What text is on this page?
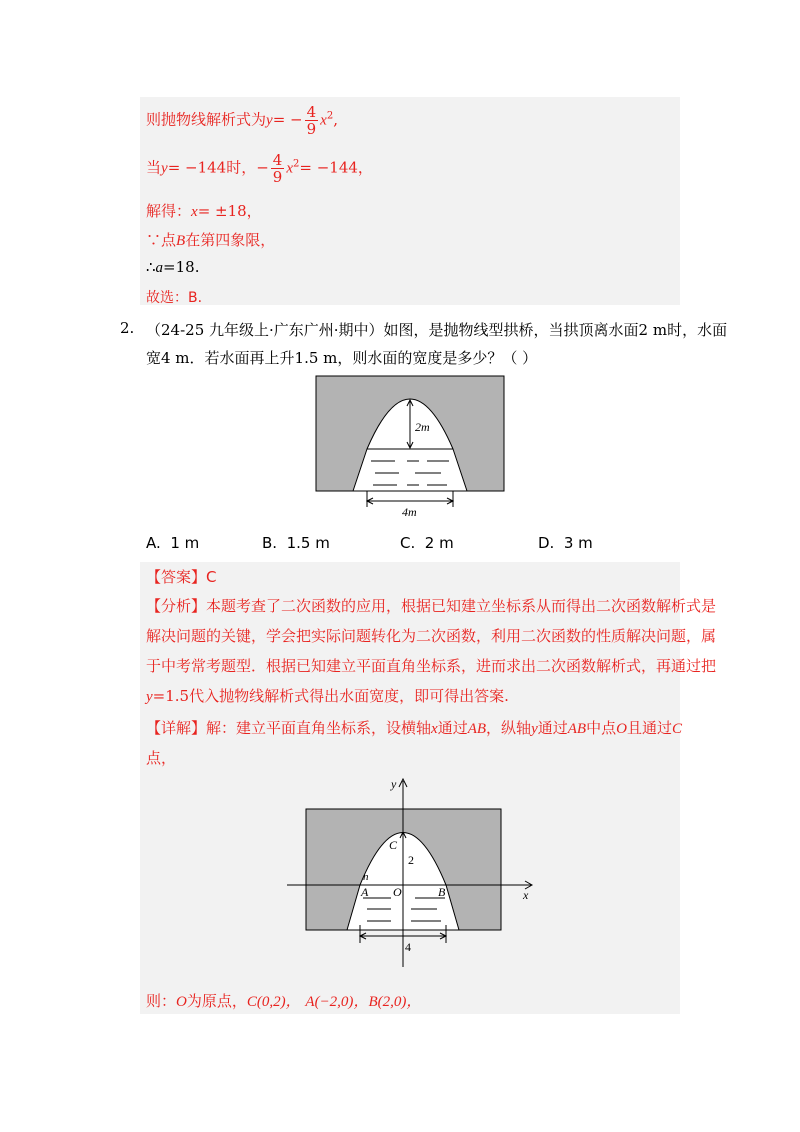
则抛物线解析式为$y= - \frac{4}{9} x^2$,
当y= −144时，− $\frac{4}{9} x^2= -144$，
解得：x= ±18，
∵点B在第四象限，
∴a=18.
故选：B.
2. （24-25 九年级上·广东广州·期中）如图，是抛物线型拱桥，当拱顶离水面2 m时，水面
宽4 m．若水面再上升1.5 m，则水面的宽度是多少？（ ）
2m
4m
A. 1 m	B. 1.5 m	C. 2 m	D. 3 m
【答案】C
【分析】本题考查了二次函数的应用，根据已知建立坐标系从而得出二次函数解析式是
解决问题的关键，学会把实际问题转化为二次函数，利用二次函数的性质解决问题，属
于中考常考题型．根据已知建立平面直角坐标系，进而求出二次函数解析式，再通过把
y=1.5代入抛物线解析式得出水面宽度，即可得出答案.
【详解】解：建立平面直角坐标系，设横轴x通过AB，纵轴y通过AB中点O且通过C
点，
y
x
C
2
n
A O	B
4
则：O为原点，C(0,2)， A(−2,0)，B(2,0)，
